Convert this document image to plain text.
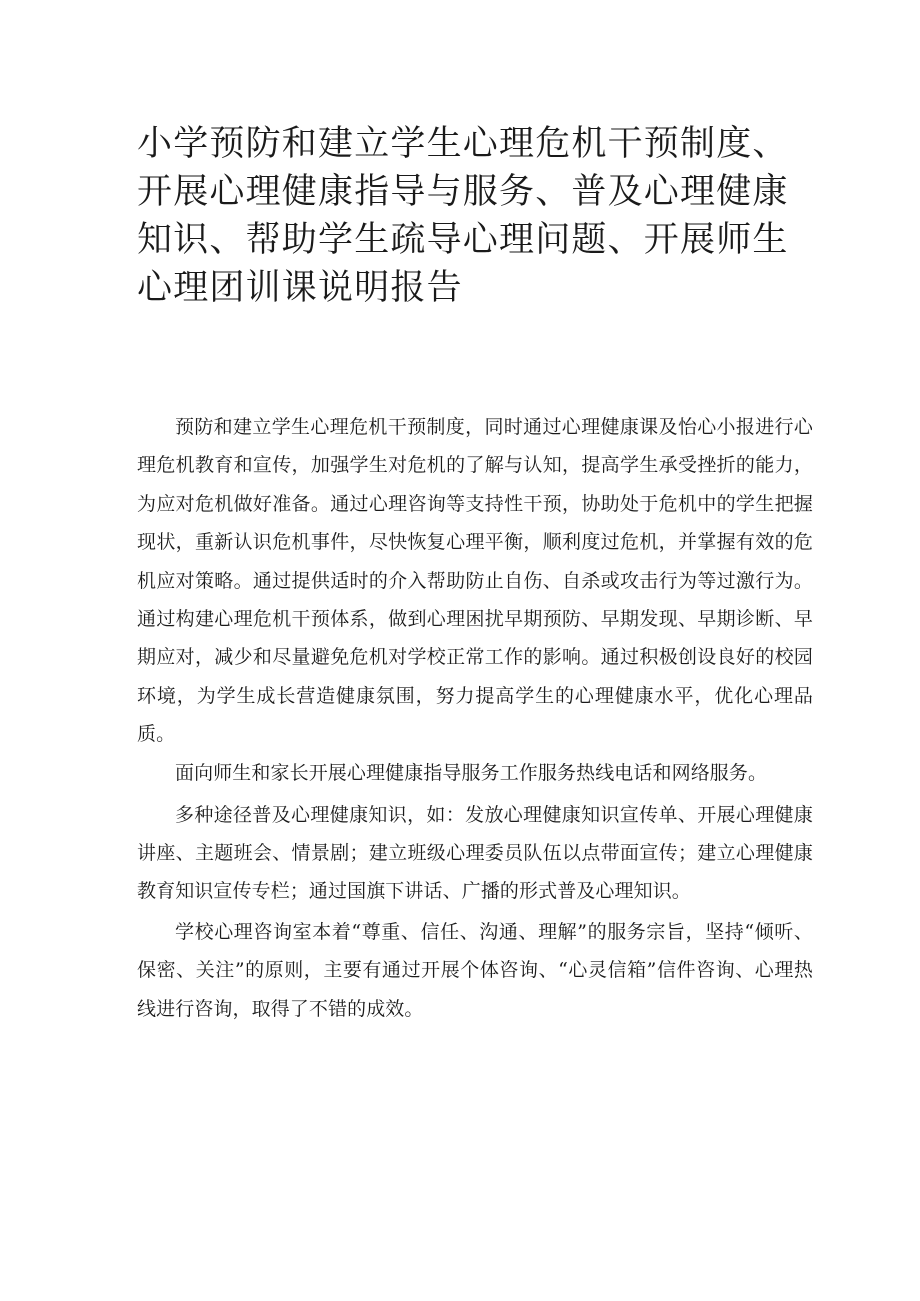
小学预防和建立学生心理危机干预制度、开展心理健康指导与服务、普及心理健康知识、帮助学生疏导心理问题、开展师生心理团训课说明报告

预防和建立学生心理危机干预制度，同时通过心理健康课及怡心小报进行心理危机教育和宣传，加强学生对危机的了解与认知，提高学生承受挫折的能力，为应对危机做好准备。通过心理咨询等支持性干预，协助处于危机中的学生把握现状，重新认识危机事件，尽快恢复心理平衡，顺利度过危机，并掌握有效的危机应对策略。通过提供适时的介入帮助防止自伤、自杀或攻击行为等过激行为。通过构建心理危机干预体系，做到心理困扰早期预防、早期发现、早期诊断、早期应对，减少和尽量避免危机对学校正常工作的影响。通过积极创设良好的校园环境，为学生成长营造健康氛围，努力提高学生的心理健康水平，优化心理品质。

面向师生和家长开展心理健康指导服务工作服务热线电话和网络服务。

多种途径普及心理健康知识，如：发放心理健康知识宣传单、开展心理健康讲座、主题班会、情景剧；建立班级心理委员队伍以点带面宣传；建立心理健康教育知识宣传专栏；通过国旗下讲话、广播的形式普及心理知识。

学校心理咨询室本着“尊重、信任、沟通、理解”的服务宗旨，坚持“倾听、保密、关注”的原则，主要有通过开展个体咨询、“心灵信箱”信件咨询、心理热线进行咨询，取得了不错的成效。
